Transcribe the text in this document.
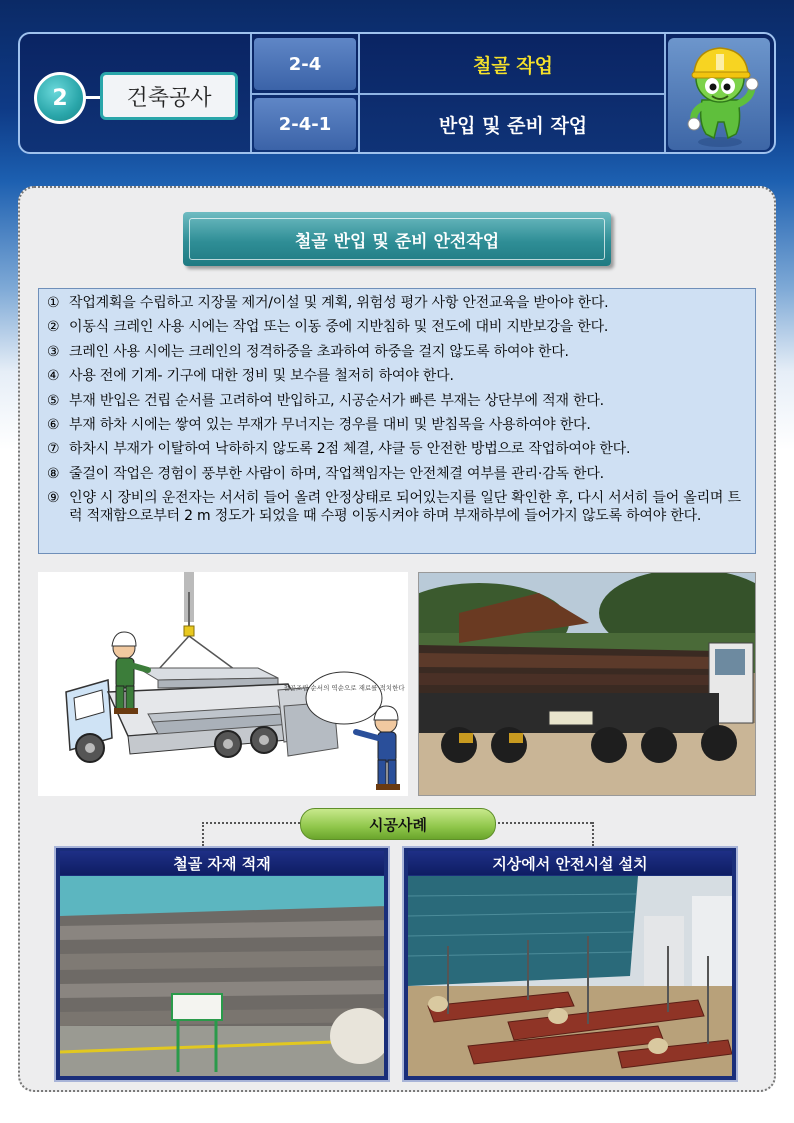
2	건축공사
2-4
2-4-1
철골 작업
반입 및 준비 작업
철골 반입 및 준비 안전작업
① 작업계획을 수립하고 지장물 제거/이설 및 계획, 위험성 평가 사항 안전교육을 받아야 한다.
② 이동식 크레인 사용 시에는 작업 또는 이동 중에 지반침하 및 전도에 대비 지반보강을 한다.
③ 크레인 사용 시에는 크레인의 정격하중을 초과하여 하중을 걸지 않도록 하여야 한다.
④ 사용 전에 기계- 기구에 대한 정비 및 보수를 철저히 하여야 한다.
⑤ 부재 반입은 건립 순서를 고려하여 반입하고, 시공순서가 빠른 부재는 상단부에 적재 한다.
⑥ 부재 하차 시에는 쌓여 있는 부재가 무너지는 경우를 대비 및 받침목을 사용하여야 한다.
⑦ 하차시 부재가 이탈하여 낙하하지 않도록 2점 체결, 샤클 등 안전한 방법으로 작업하여야 한다.
⑧ 줄걸이 작업은 경험이 풍부한 사람이 하며, 작업책임자는 안전체결 여부를 관리·감독 한다.
⑨ 인양 시 장비의 운전자는 서서히 들어 올려 안정상태로 되어있는지를 일단 확인한 후, 다시 서서히 들어 올리며 트럭 적재함으로부터 2 m 정도가 되었을 때 수평 이동시켜야 하며 부재하부에 들어가지 않도록 하여야 한다.
철골조립 순서의 역순으로 재료를 적치한다
시공사례
철골 자재 적재	지상에서 안전시설 설치
